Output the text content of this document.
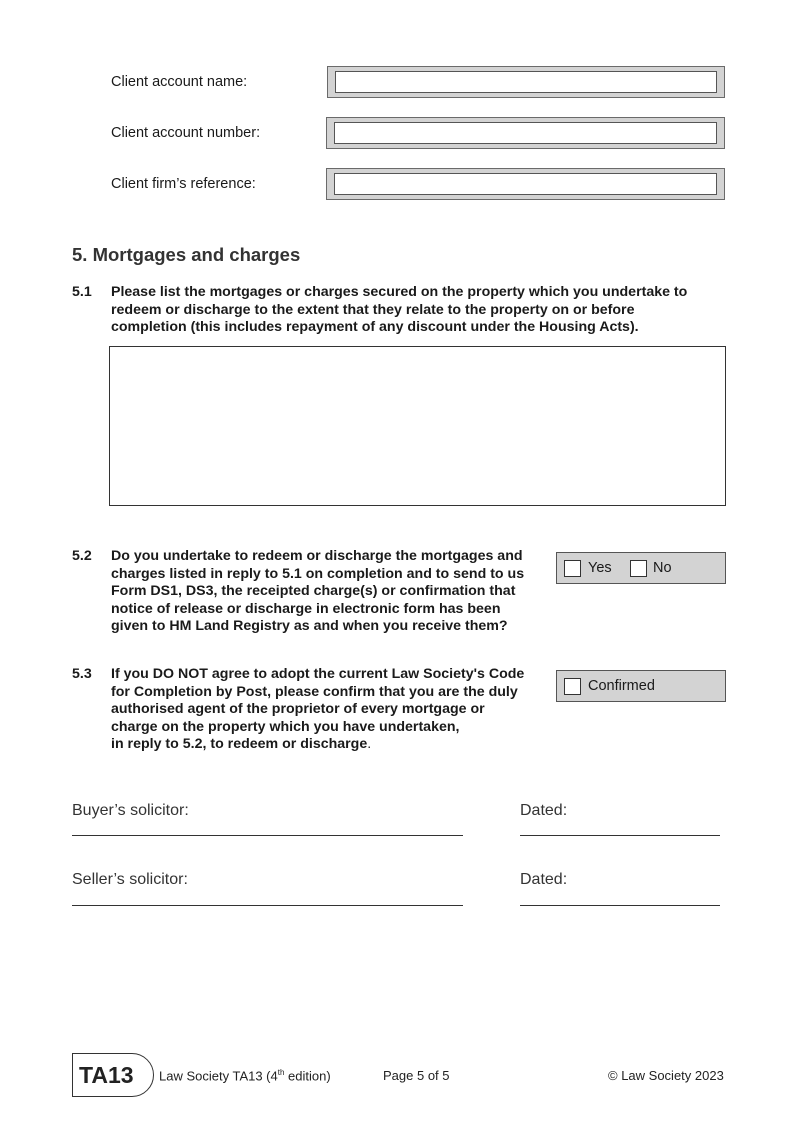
Client account name:
Client account number:
Client firm’s reference:
5. Mortgages and charges
5.1 Please list the mortgages or charges secured on the property which you undertake to
redeem or discharge to the extent that they relate to the property on or before
completion (this includes repayment of any discount under the Housing Acts).
5.2 Do you undertake to redeem or discharge the mortgages and
charges listed in reply to 5.1 on completion and to send to us
Form DS1, DS3, the receipted charge(s) or confirmation that
notice of release or discharge in electronic form has been
given to HM Land Registry as and when you receive them?
Yes	No
5.3 If you DO NOT agree to adopt the current Law Society's Code
for Completion by Post, please confirm that you are the duly
authorised agent of the proprietor of every mortgage or
charge on the property which you have undertaken,
in reply to 5.2, to redeem or discharge.
Confirmed
Buyer’s solicitor:	Dated:
Seller’s solicitor:	Dated:
TA13 Law Society TA13 (4th edition)	Page 5 of 5	© Law Society 2023
